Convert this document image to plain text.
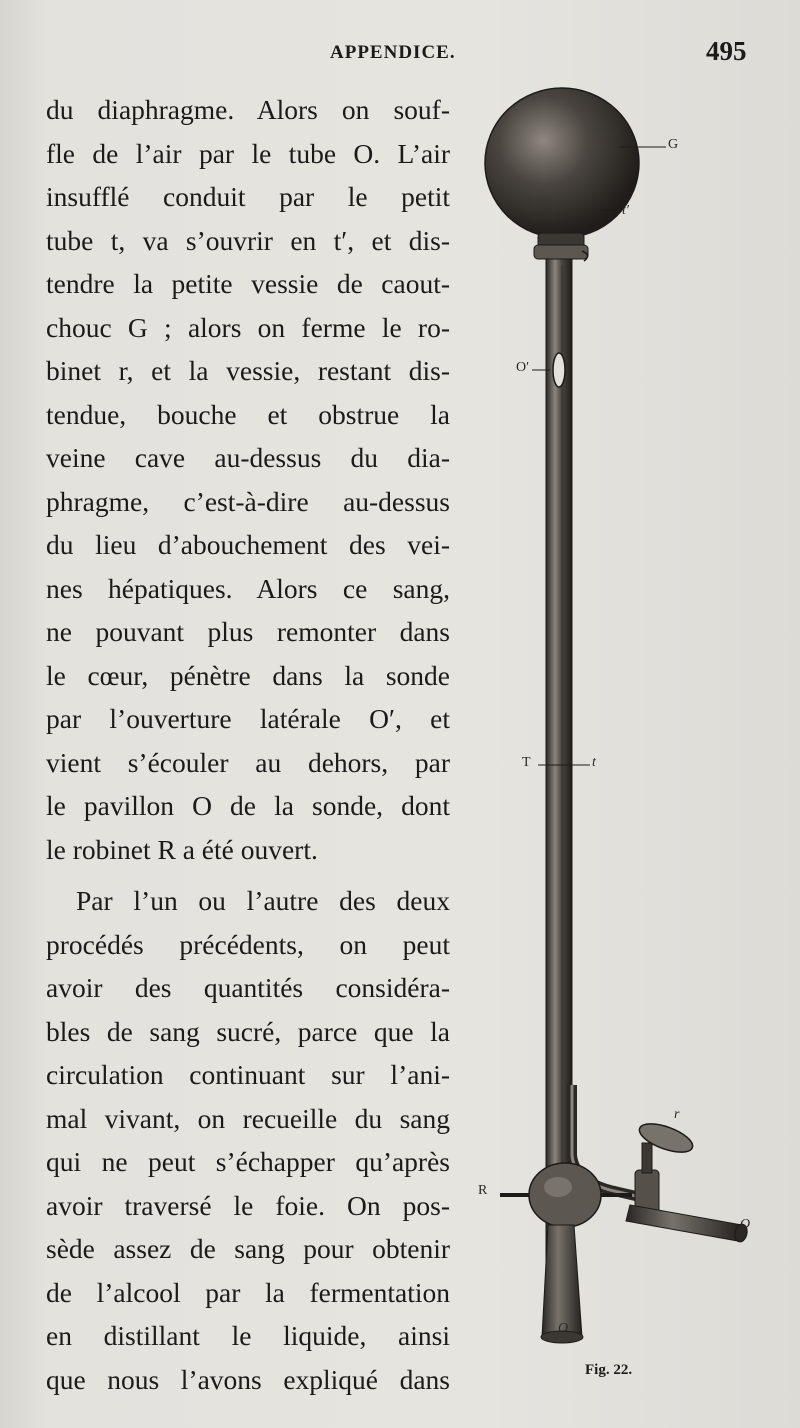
APPENDICE.	495
du diaphragme. Alors on souf-
fle de l’air par le tube O. L’air
insufflé conduit par le petit
tube t, va s’ouvrir en t′, et dis-
tendre la petite vessie de caout-
chouc G ; alors on ferme le ro-
binet r, et la vessie, restant dis-
tendue, bouche et obstrue la
veine cave au-dessus du dia-
phragme, c’est-à-dire au-dessus
du lieu d’abouchement des vei-
nes hépatiques. Alors ce sang,
ne pouvant plus remonter dans
le cœur, pénètre dans la sonde
par l’ouverture latérale O′, et
vient s’écouler au dehors, par
le pavillon O de la sonde, dont
le robinet R a été ouvert.
Par l’un ou l’autre des deux
procédés précédents, on peut
avoir des quantités considéra-
bles de sang sucré, parce que la
circulation continuant sur l’ani-
mal vivant, on recueille du sang
qui ne peut s’échapper qu’après
avoir traversé le foie. On pos-
sède assez de sang pour obtenir
de l’alcool par la fermentation
en distillant le liquide, ainsi
que nous l’avons expliqué dans
G
t′
O′
T	t
r
R
O
O
Fig. 22.
